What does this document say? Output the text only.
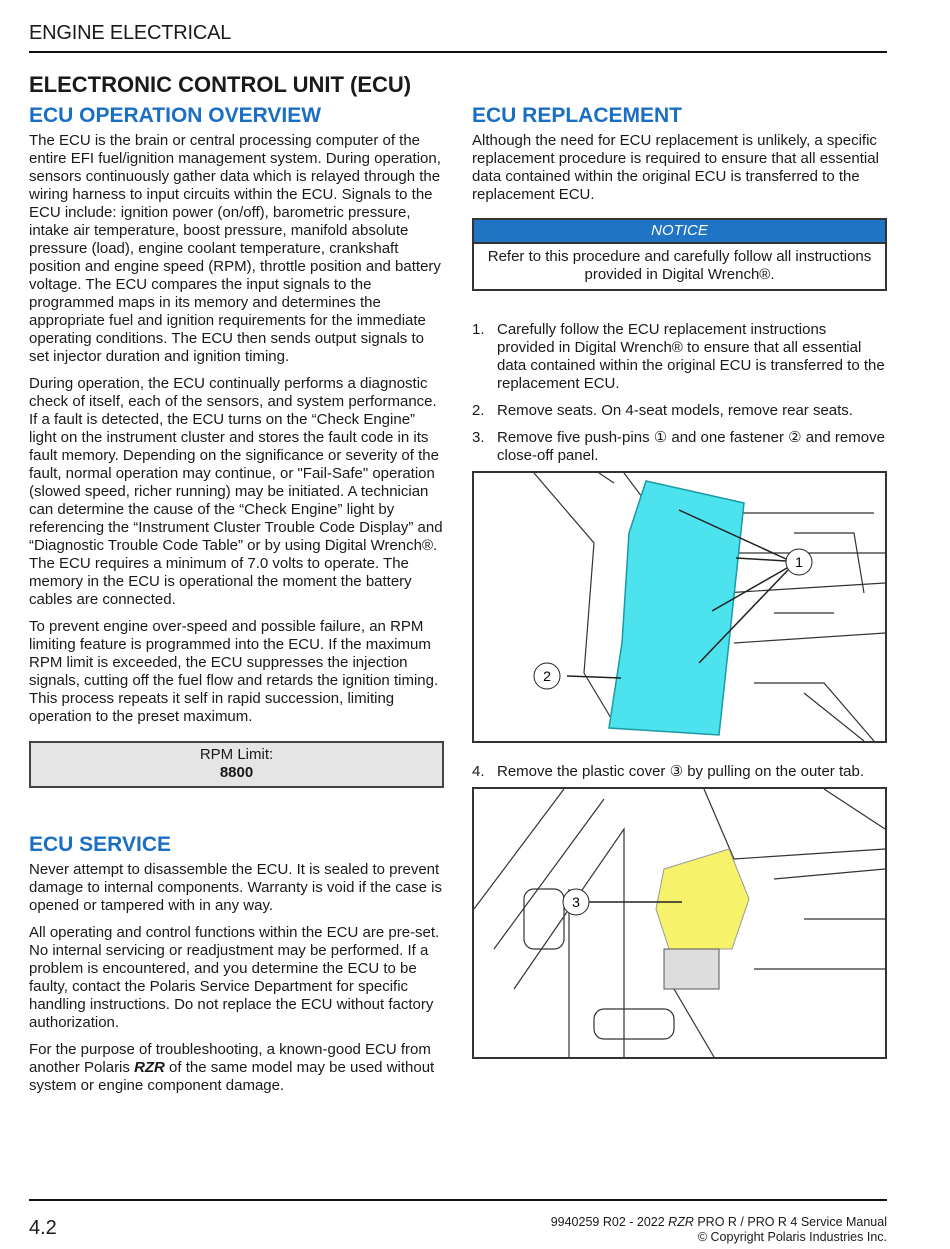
ENGINE ELECTRICAL
ELECTRONIC CONTROL UNIT (ECU)
ECU OPERATION OVERVIEW

The ECU is the brain or central processing computer of the entire EFI fuel/ignition management system. During operation, sensors continuously gather data which is relayed through the wiring harness to input circuits within the ECU. Signals to the ECU include: ignition power (on/off), barometric pressure, intake air temperature, boost pressure, manifold absolute pressure (load), engine coolant temperature, crankshaft position and engine speed (RPM), throttle position and battery voltage. The ECU compares the input signals to the programmed maps in its memory and determines the appropriate fuel and ignition requirements for the immediate operating conditions. The ECU then sends output signals to set injector duration and ignition timing.

During operation, the ECU continually performs a diagnostic check of itself, each of the sensors, and system performance. If a fault is detected, the ECU turns on the “Check Engine” light on the instrument cluster and stores the fault code in its fault memory. Depending on the significance or severity of the fault, normal operation may continue, or "Fail-Safe" operation (slowed speed, richer running) may be initiated. A technician can determine the cause of the “Check Engine” light by referencing the “Instrument Cluster Trouble Code Display” and “Diagnostic Trouble Code Table” or by using Digital Wrench®. The ECU requires a minimum of 7.0 volts to operate. The memory in the ECU is operational the moment the battery cables are connected.

To prevent engine over-speed and possible failure, an RPM limiting feature is programmed into the ECU. If the maximum RPM limit is exceeded, the ECU suppresses the injection signals, cutting off the fuel flow and retards the ignition timing. This process repeats it self in rapid succession, limiting operation to the preset maximum.

RPM Limit:
8800
ECU SERVICE

Never attempt to disassemble the ECU. It is sealed to prevent damage to internal components. Warranty is void if the case is opened or tampered with in any way.

All operating and control functions within the ECU are pre-set. No internal servicing or readjustment may be performed. If a problem is encountered, and you determine the ECU to be faulty, contact the Polaris Service Department for specific handling instructions. Do not replace the ECU without factory authorization.

For the purpose of troubleshooting, a known-good ECU from another Polaris RZR of the same model may be used without system or engine component damage.

ECU REPLACEMENT

Although the need for ECU replacement is unlikely, a specific replacement procedure is required to ensure that all essential data contained within the original ECU is transferred to the replacement ECU.

NOTICE
Refer to this procedure and carefully follow all instructions provided in Digital Wrench®.
1. Carefully follow the ECU replacement instructions provided in Digital Wrench® to ensure that all essential data contained within the original ECU is transferred to the replacement ECU.
2. Remove seats. On 4-seat models, remove rear seats.
3. Remove five push-pins ① and one fastener ② and remove close-off panel.
1
2
4. Remove the plastic cover ③ by pulling on the outer tab.
3
4.2	9940259 R02 - 2022 RZR PRO R / PRO R 4 Service Manual
© Copyright Polaris Industries Inc.
